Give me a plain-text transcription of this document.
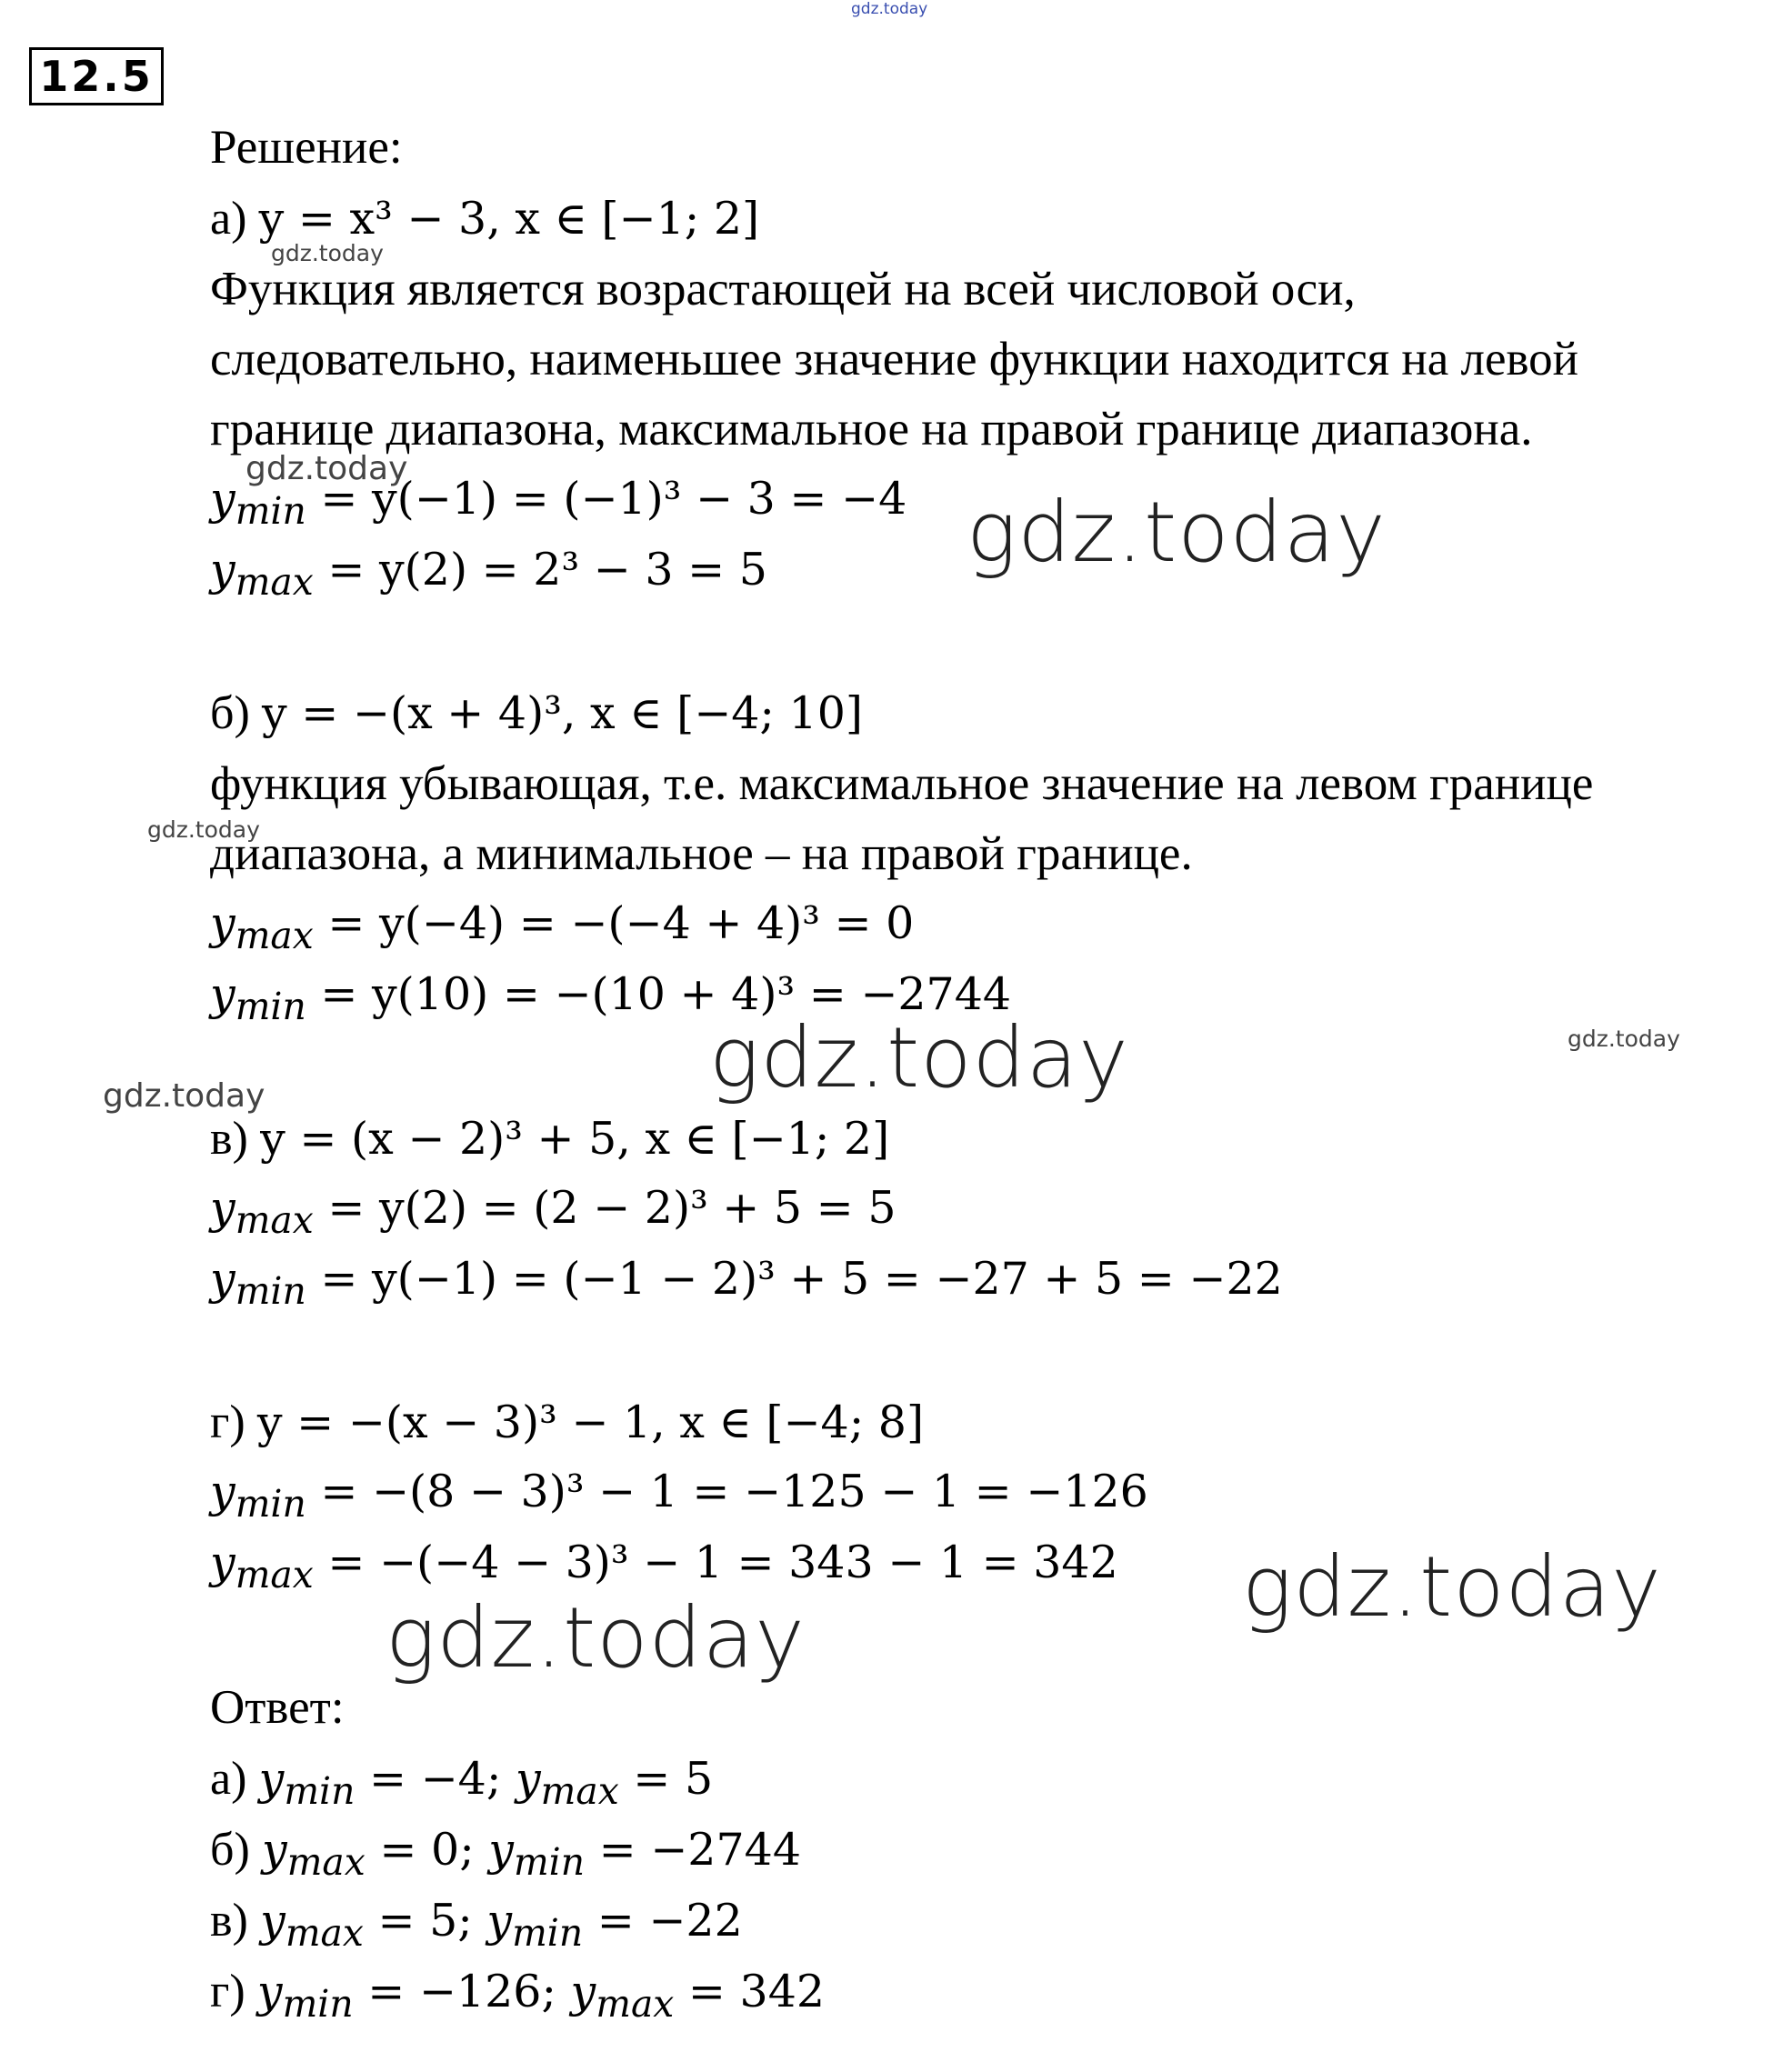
12.5
Решение:
а) y = x³ − 3, x ∈ [−1; 2]
Функция является возрастающей на всей числовой оси,
следовательно, наименьшее значение функции находится на левой
границе диапазона, максимальное на правой границе диапазона.
$y_{min} = y(-1) = (-1)^3 - 3 = -4$
$y_{max} = y(2) = 2^3 - 3 = 5$
б) y = −(x + 4)³, x ∈ [−4; 10]
функция убывающая, т.е. максимальное значение на левом границе
диапазона, а минимальное – на правой границе.
$y_{max} = y(-4) = -(-4 + 4)^3 = 0$
$y_{min} = y(10) = -(10 + 4)^3 = -2744$
в) y = (x − 2)³ + 5, x ∈ [−1; 2]
$y_{max} = y(2) = (2 - 2)^3 + 5 = 5$
$y_{min} = y(-1) = (-1 - 2)^3 + 5 = -27 + 5 = -22$
г) y = −(x − 3)³ − 1, x ∈ [−4; 8]
$y_{min} = -(8 - 3)^3 - 1 = -125 - 1 = -126$
$y_{max} = -(-4 - 3)^3 - 1 = 343 - 1 = 342$
Ответ:
а) $y_{min} = -4$; $y_{max} = 5$
б) $y_{max} = 0$; $y_{min} = -2744$
в) $y_{max} = 5$; $y_{min} = -22$
г) $y_{min} = -126$; $y_{max} = 342$
gdz.today
gdz.today
gdz.today
gdz.today
gdz.today
gdz.today
gdz.today
gdz.today
gdz.today
gdz.today
